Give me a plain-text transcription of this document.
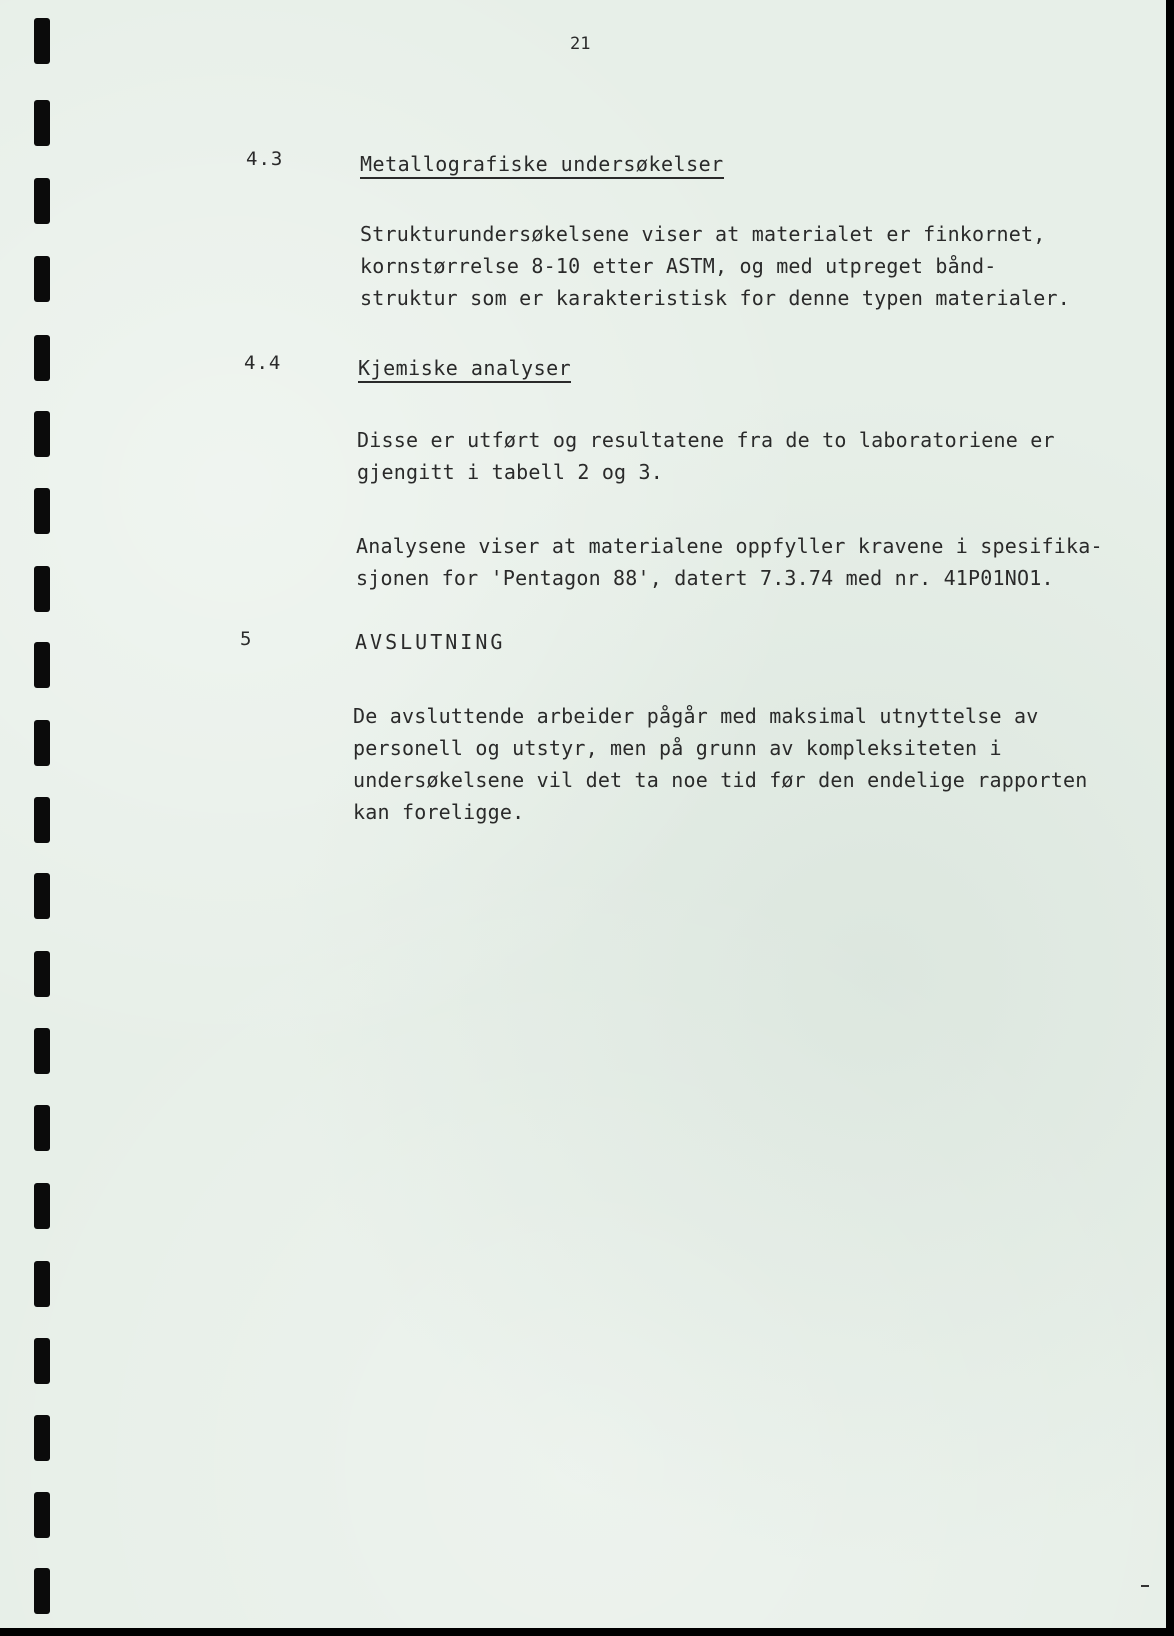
21
4.3	Metallografiske undersøkelser
Strukturundersøkelsene viser at materialet er finkornet,
kornstørrelse 8-10 etter ASTM, og med utpreget bånd-
struktur som er karakteristisk for denne typen materialer.
4.4	Kjemiske analyser
Disse er utført og resultatene fra de to laboratoriene er
gjengitt i tabell 2 og 3.
Analysene viser at materialene oppfyller kravene i spesifika-
sjonen for 'Pentagon 88', datert 7.3.74 med nr. 41P01NO1.
5	AVSLUTNING
De avsluttende arbeider pågår med maksimal utnyttelse av
personell og utstyr, men på grunn av kompleksiteten i
undersøkelsene vil det ta noe tid før den endelige rapporten
kan foreligge.
